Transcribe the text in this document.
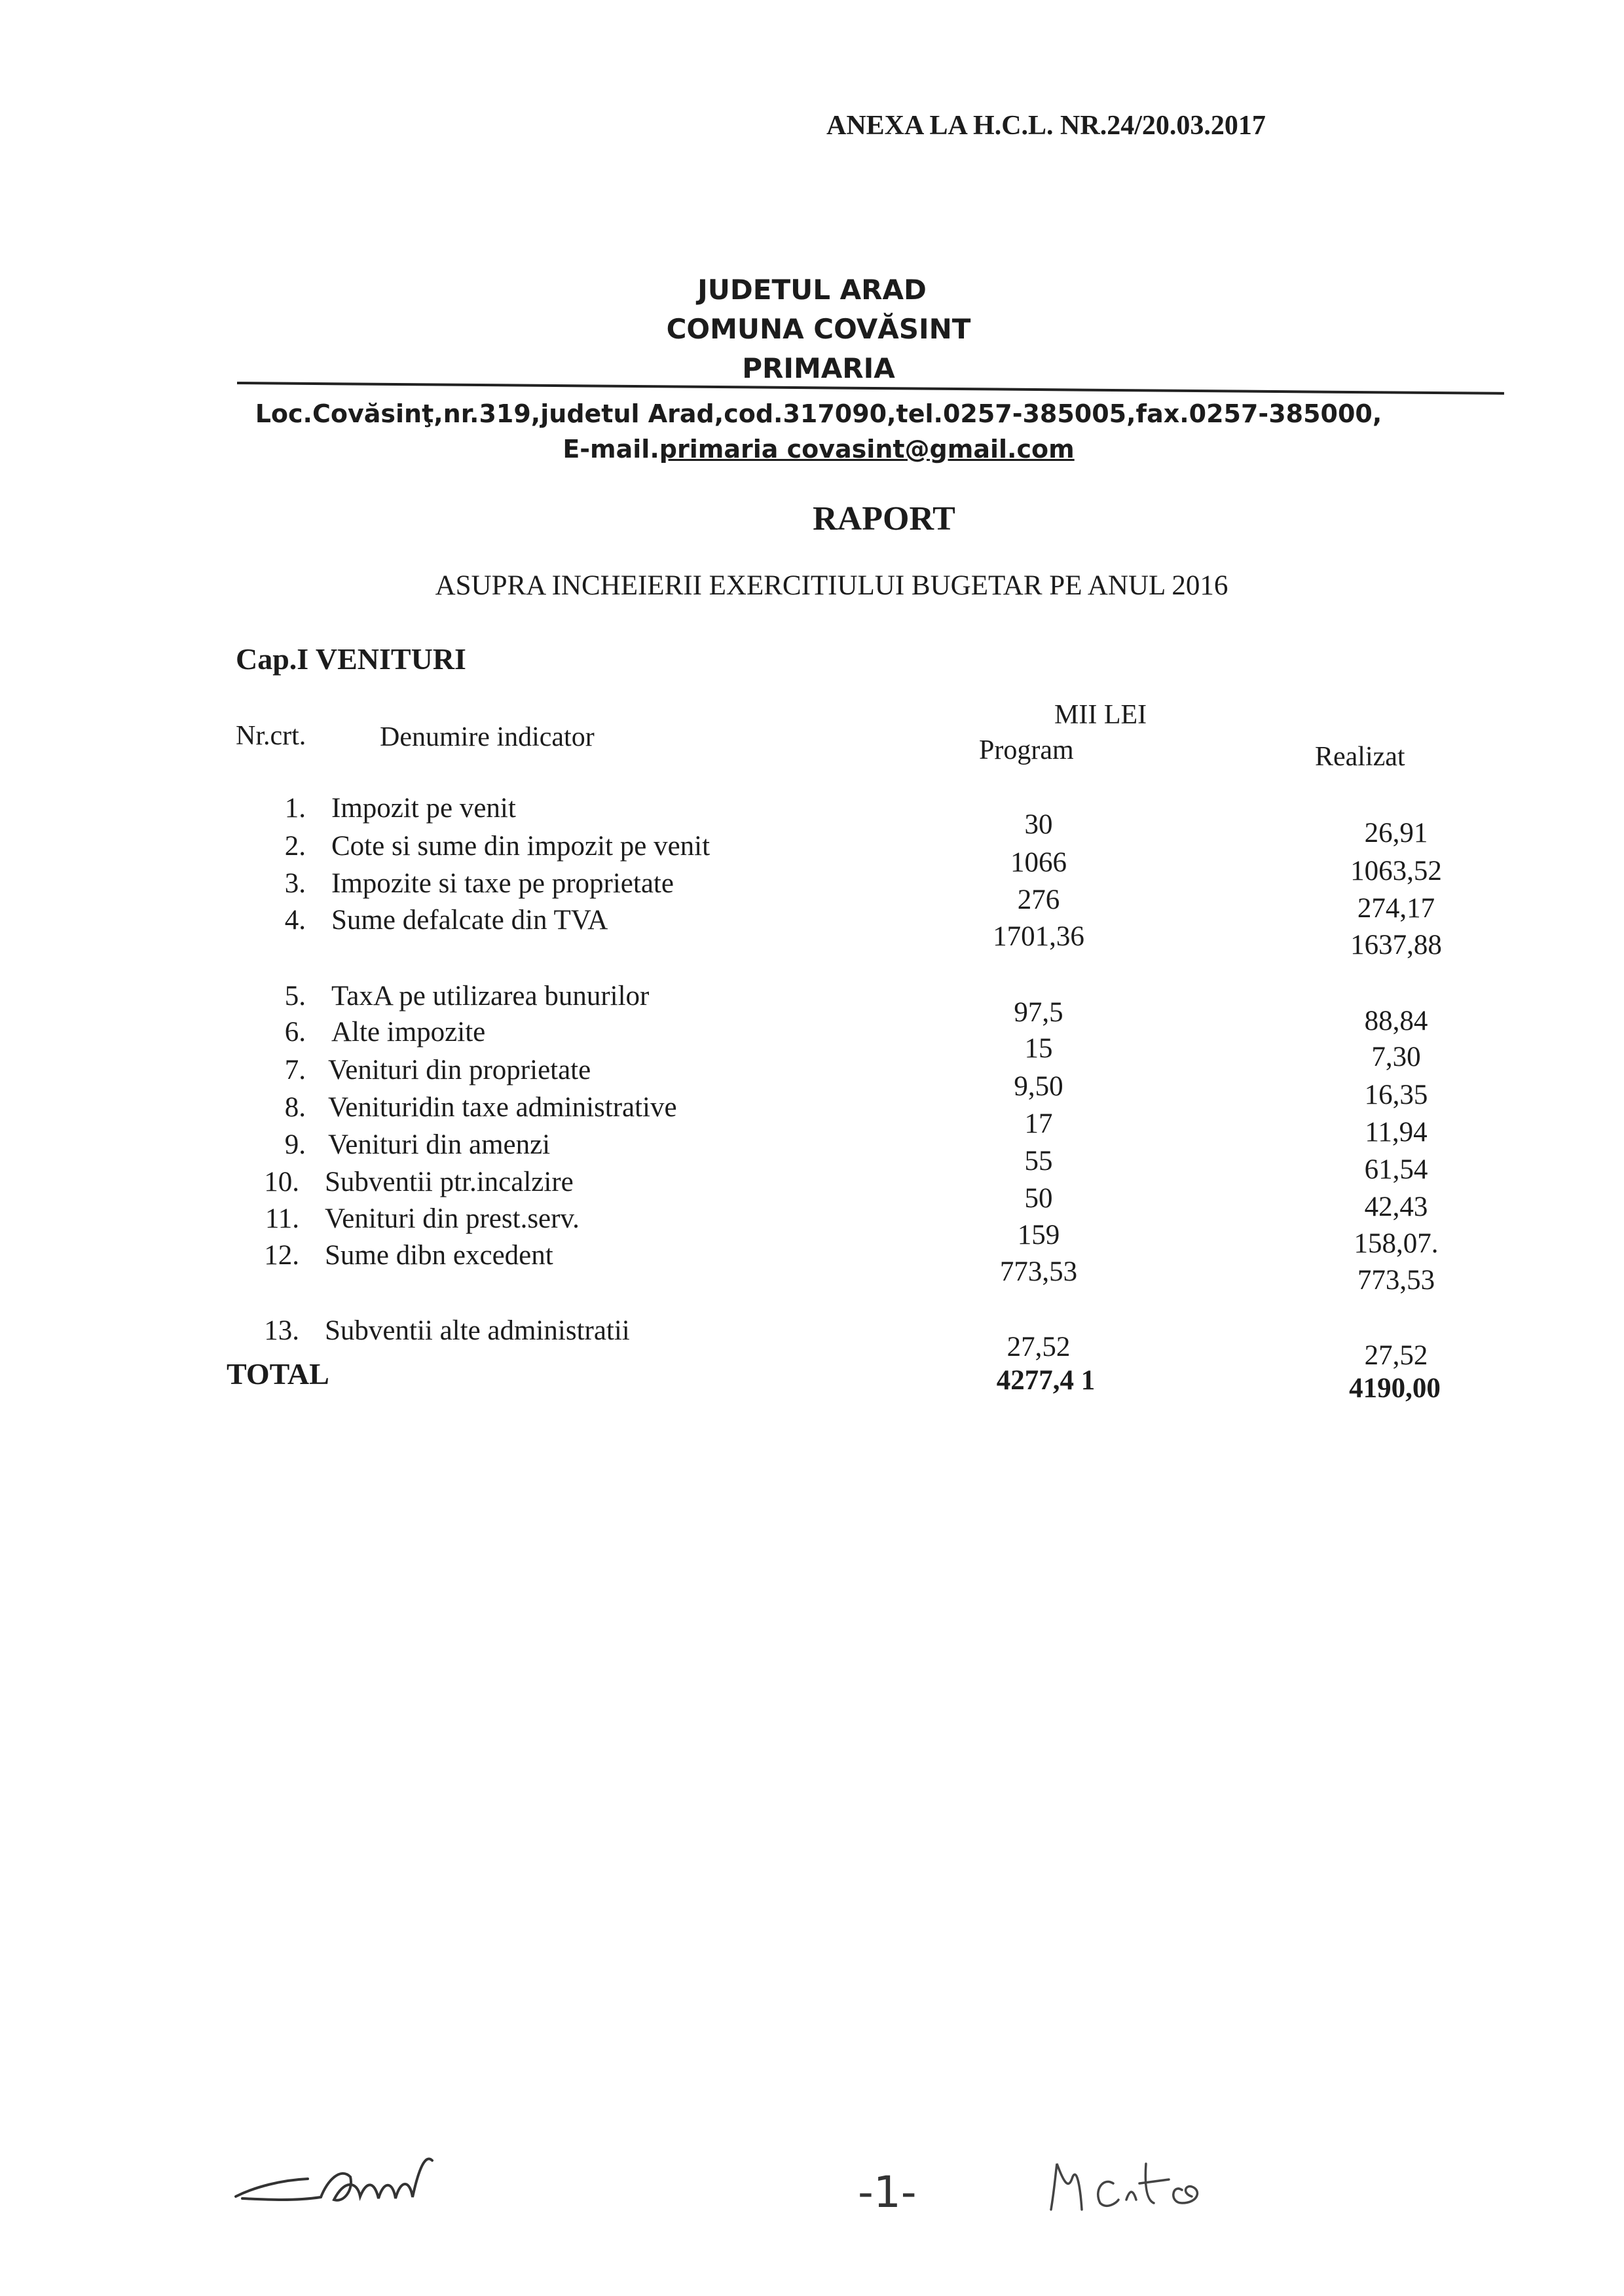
ANEXA LA H.C.L. NR.24/20.03.2017
JUDETUL ARAD
COMUNA COVĂSINT
PRIMARIA
Loc.Covăsinţ,nr.319,judetul Arad,cod.317090,tel.0257-385005,fax.0257-385000,
E-mail.primaria covasint@gmail.com
RAPORT
ASUPRA INCHEIERII EXERCITIULUI BUGETAR PE ANUL 2016
Cap.I VENITURI
Nr.crt.	Denumire indicator
MII LEI
Program	Realizat
1. Impozit pe venit
30	26,91
2. Cote si sume din impozit pe venit
1066	1063,52
3. Impozite si taxe pe proprietate
276	274,17
4. Sume defalcate din TVA
1701,36	1637,88
5. TaxA pe utilizarea bunurilor
97,5	88,84
6. Alte impozite
15	7,30
7. Venituri din proprietate
9,50	16,35
8. Venituridin taxe administrative
17	11,94
9. Venituri din amenzi
55	61,54
10. Subventii ptr.incalzire
50	42,43
11. Venituri din prest.serv.
159	158,07.
12. Sume dibn excedent
773,53	773,53
13. Subventii alte administratii
27,52	27,52
TOTAL	4277,4 1	4190,00
-1-
